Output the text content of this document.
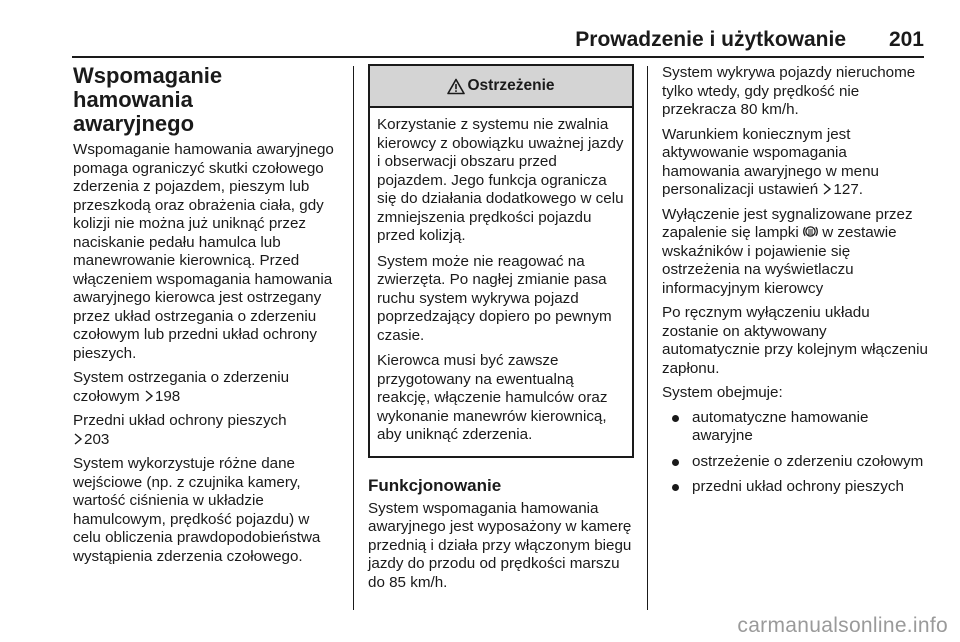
Prowadzenie i użytkowanie 201
Wspomaganie hamowania
awaryjnego

Wspomaganie hamowania awaryjnego pomaga ograniczyć skutki czołowego zderzenia z pojazdem, pieszym lub przeszkodą oraz obrażenia ciała, gdy kolizji nie można już uniknąć przez naciskanie pedału hamulca lub manewrowanie kierownicą. Przed włączeniem wspomagania hamowania awaryjnego kierowca jest ostrzegany przez układ ostrzegania o zderzeniu czołowym lub przedni układ ochrony pieszych.

System ostrzegania o zderzeniu czołowym 198

Przedni układ ochrony pieszych
203

System wykorzystuje różne dane wejściowe (np. z czujnika kamery, wartość ciśnienia w układzie hamulcowym, prędkość pojazdu) w celu obliczenia prawdopodobieństwa wystąpienia zderzenia czołowego.

Ostrzeżenie

Korzystanie z systemu nie zwalnia kierowcy z obowiązku uważnej jazdy i obserwacji obszaru przed pojazdem. Jego funkcja ogranicza się do działania dodatkowego w celu zmniejszenia prędkości pojazdu przed kolizją.

System może nie reagować na zwierzęta. Po nagłej zmianie pasa ruchu system wykrywa pojazd poprzedzający dopiero po pewnym czasie.

Kierowca musi być zawsze przygotowany na ewentualną reakcję, włączenie hamulców oraz wykonanie manewrów kierownicą, aby uniknąć zderzenia.

Funkcjonowanie

System wspomagania hamowania awaryjnego jest wyposażony w kamerę przednią i działa przy włączonym biegu jazdy do przodu od prędkości marszu do 85 km/h.

System wykrywa pojazdy nieruchome tylko wtedy, gdy prędkość nie przekracza 80 km/h.

Warunkiem koniecznym jest aktywowanie wspomagania hamowania awaryjnego w menu personalizacji ustawień 127.

Wyłączenie jest sygnalizowane przez zapalenie się lampki w zestawie wskaźników i pojawienie się ostrzeżenia na wyświetlaczu informacyjnym kierowcy

Po ręcznym wyłączeniu układu zostanie on aktywowany automatycznie przy kolejnym włączeniu zapłonu.

System obejmuje:

automatyczne hamowanie awaryjne
ostrzeżenie o zderzeniu czołowym
przedni układ ochrony pieszych
carmanualsonline.info
